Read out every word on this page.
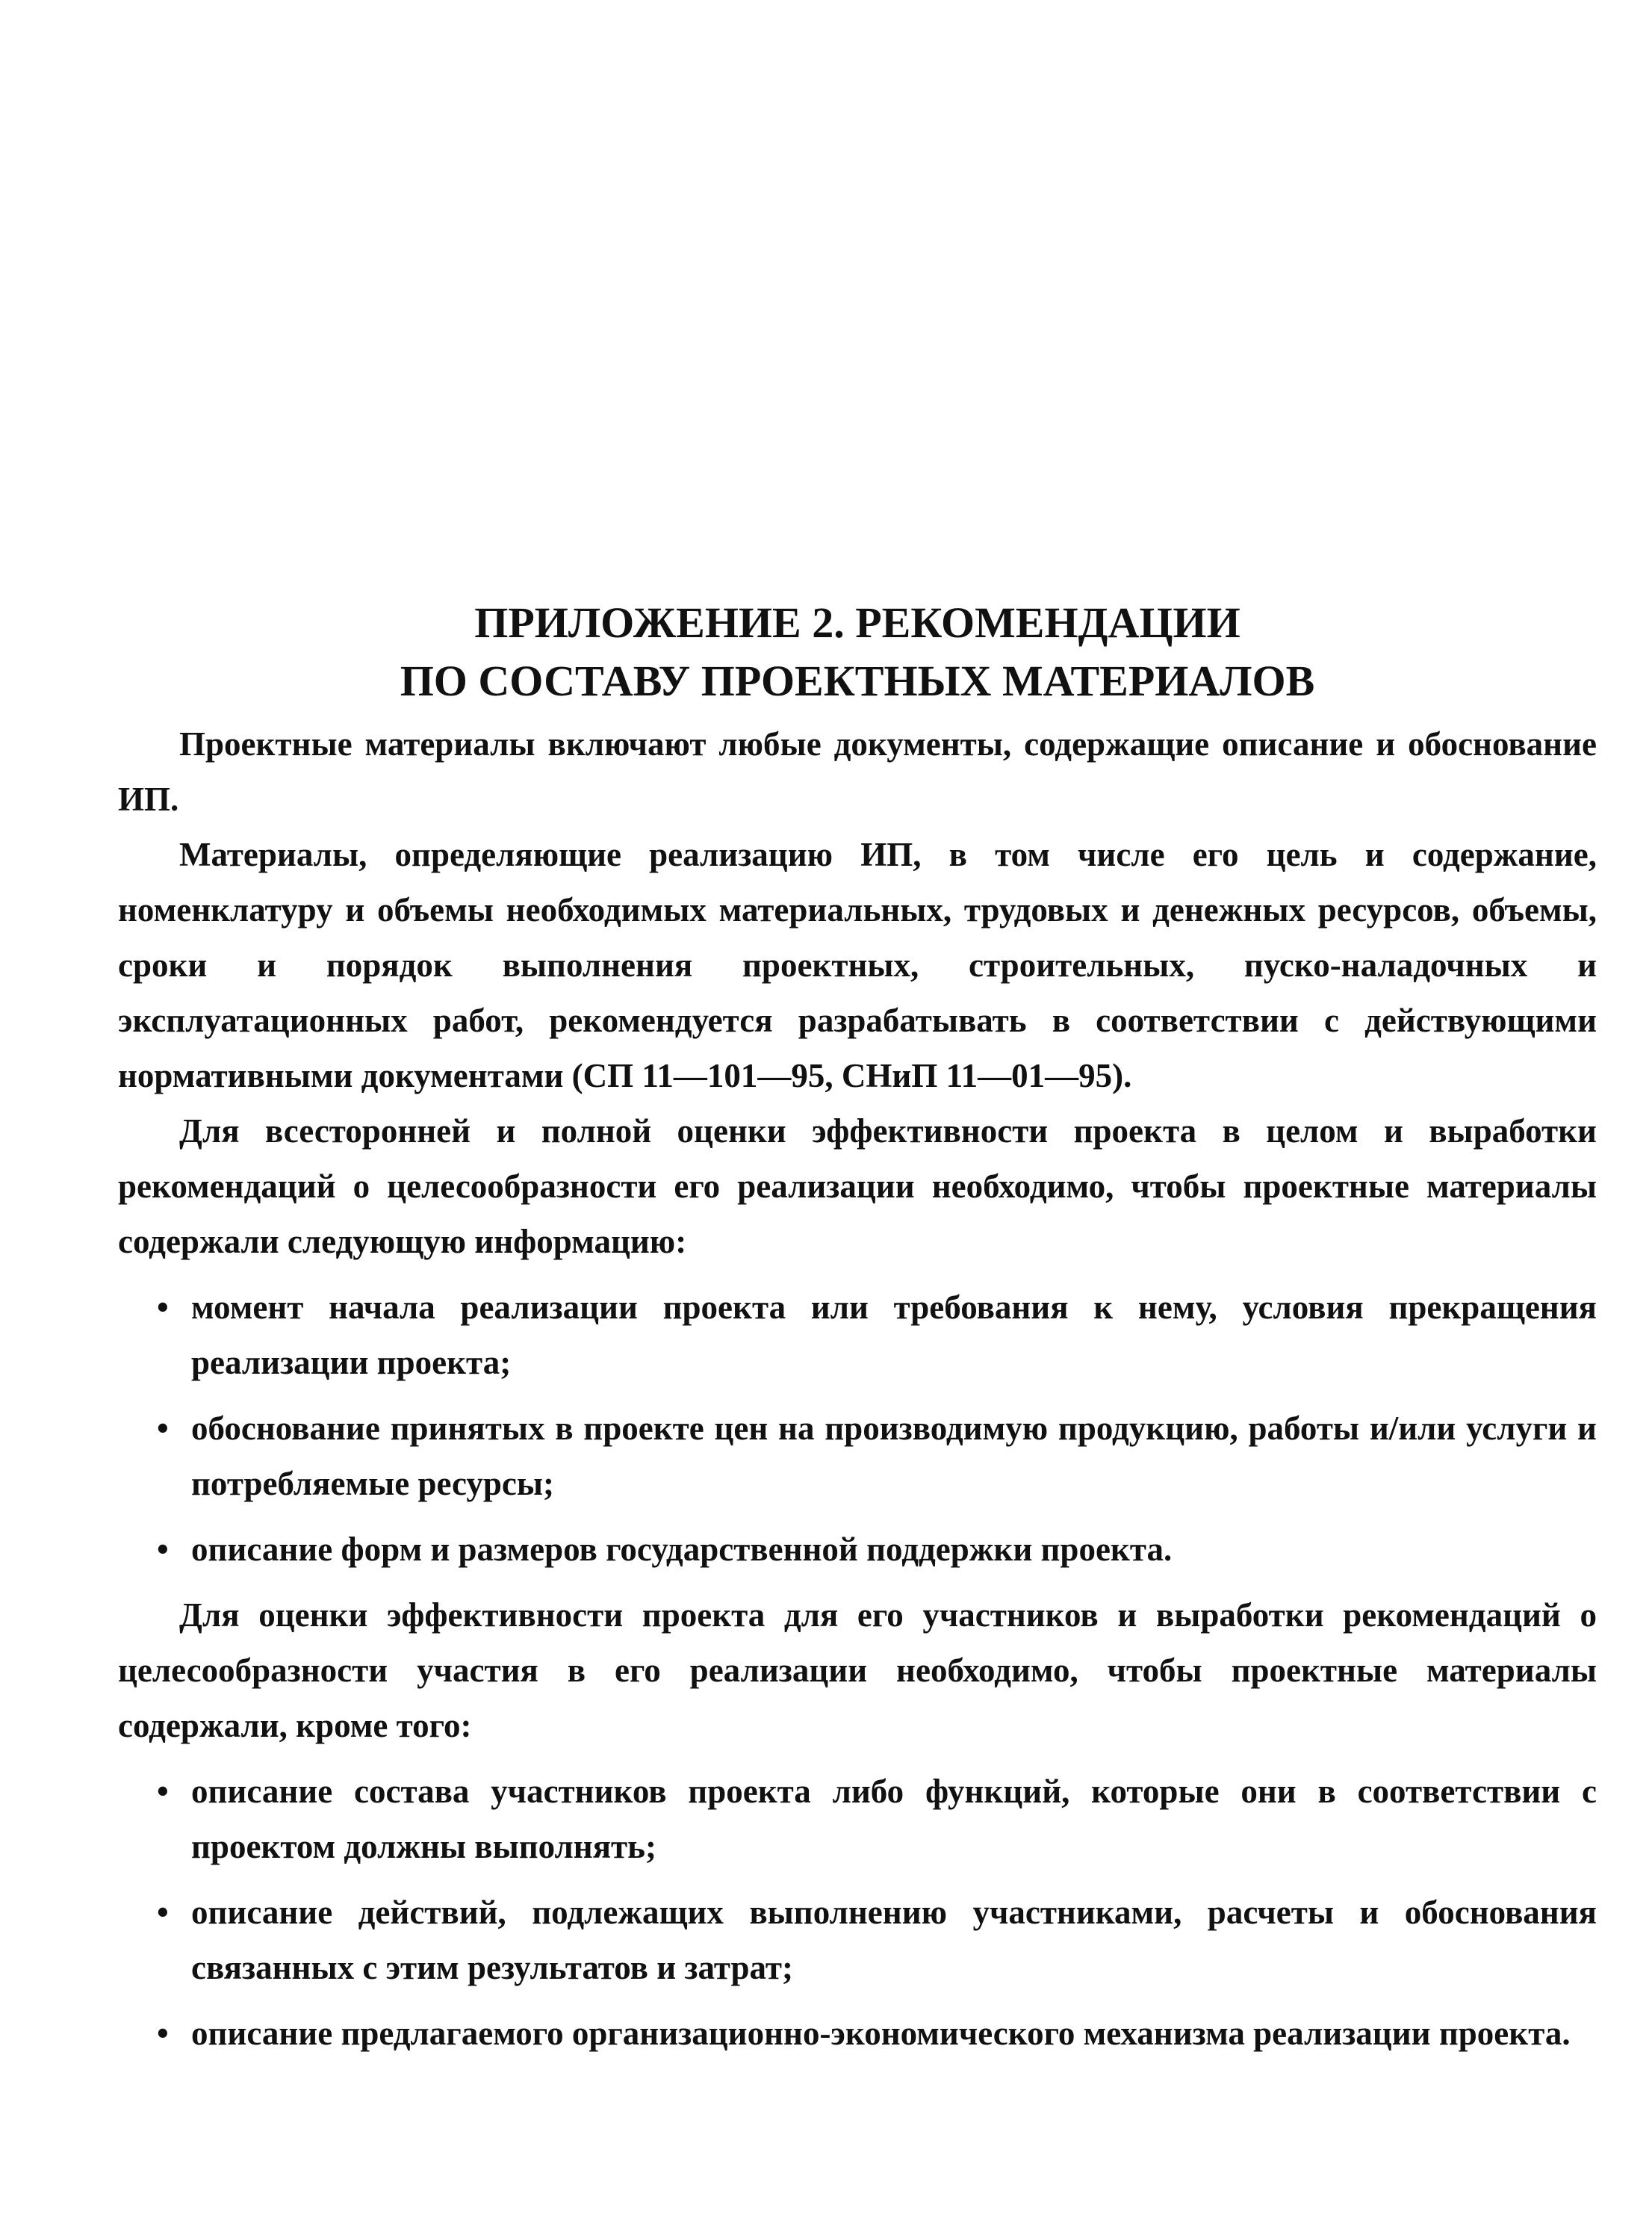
ПРИЛОЖЕНИЕ 2. РЕКОМЕНДАЦИИ
ПО СОСТАВУ ПРОЕКТНЫХ МАТЕРИАЛОВ

Проектные материалы включают любые документы, содержащие описание и обоснование ИП.

Материалы, определяющие реализацию ИП, в том числе его цель и содержание, номенклатуру и объемы необходимых материальных, трудовых и денежных ресурсов, объемы, сроки и порядок выполнения проектных, строительных, пуско-наладочных и эксплуатационных работ, рекомендуется разрабатывать в соответствии с действующими нормативными документами (СП 11—101—95, СНиП 11—01—95).

Для всесторонней и полной оценки эффективности проекта в целом и выработки рекомендаций о целесообразности его реализации необходимо, чтобы проектные материалы содержали следующую информацию:

• момент начала реализации проекта или требования к нему, условия прекращения реализации проекта;
• обоснование принятых в проекте цен на производимую продукцию, работы и/или услуги и потребляемые ресурсы;
• описание форм и размеров государственной поддержки проекта.

Для оценки эффективности проекта для его участников и выработки рекомендаций о целесообразности участия в его реализации необходимо, чтобы проектные материалы содержали, кроме того:

• описание состава участников проекта либо функций, которые они в соответствии с проектом должны выполнять;
• описание действий, подлежащих выполнению участниками, расчеты и обоснования связанных с этим результатов и затрат;
• описание предлагаемого организационно-экономического механизма реализации проекта.
